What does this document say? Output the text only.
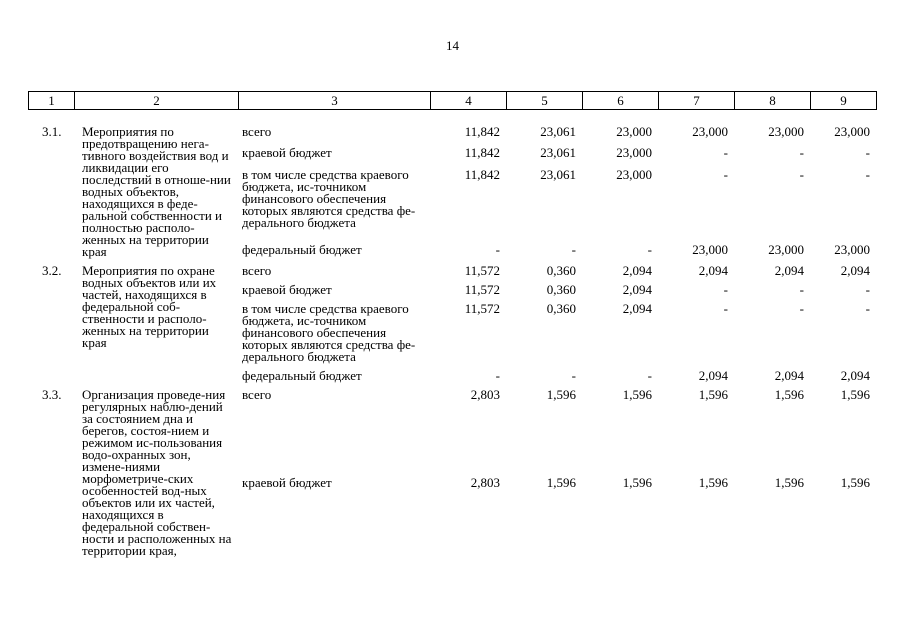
14
1	2	3	4	5	6	7	8	9
3.1.	Мероприятия по предотвращению нега-тивного воздействия вод и ликвидации его последствий в отноше-нии водных объектов, находящихся в феде-ральной собственности и полностью располо-женных на территории края	всего	11,842	23,061	23,000	23,000	23,000	23,000
		краевой бюджет	11,842	23,061	23,000	-	-	-
		в том числе средства краевого бюджета, ис-точником финансового обеспечения которых являются средства фе-дерального бюджета	11,842	23,061	23,000	-	-	-
		федеральный бюджет	-	-	-	23,000	23,000	23,000
3.2.	Мероприятия по охране водных объектов или их частей, находящихся в федеральной соб-ственности и располо-женных на территории края	всего	11,572	0,360	2,094	2,094	2,094	2,094
		краевой бюджет	11,572	0,360	2,094	-	-	-
		в том числе средства краевого бюджета, ис-точником финансового обеспечения которых являются средства фе-дерального бюджета	11,572	0,360	2,094	-	-	-
		федеральный бюджет	-	-	-	2,094	2,094	2,094
3.3.	Организация проведе-ния регулярных наблю-дений за состоянием дна и берегов, состоя-нием и режимом ис-пользования водо-охранных зон, измене-ниями морфометриче-ских особенностей вод-ных объектов или их частей, находящихся в федеральной собствен-ности и расположенных на территории края,	всего	2,803	1,596	1,596	1,596	1,596	1,596
		краевой бюджет	2,803	1,596	1,596	1,596	1,596	1,596
